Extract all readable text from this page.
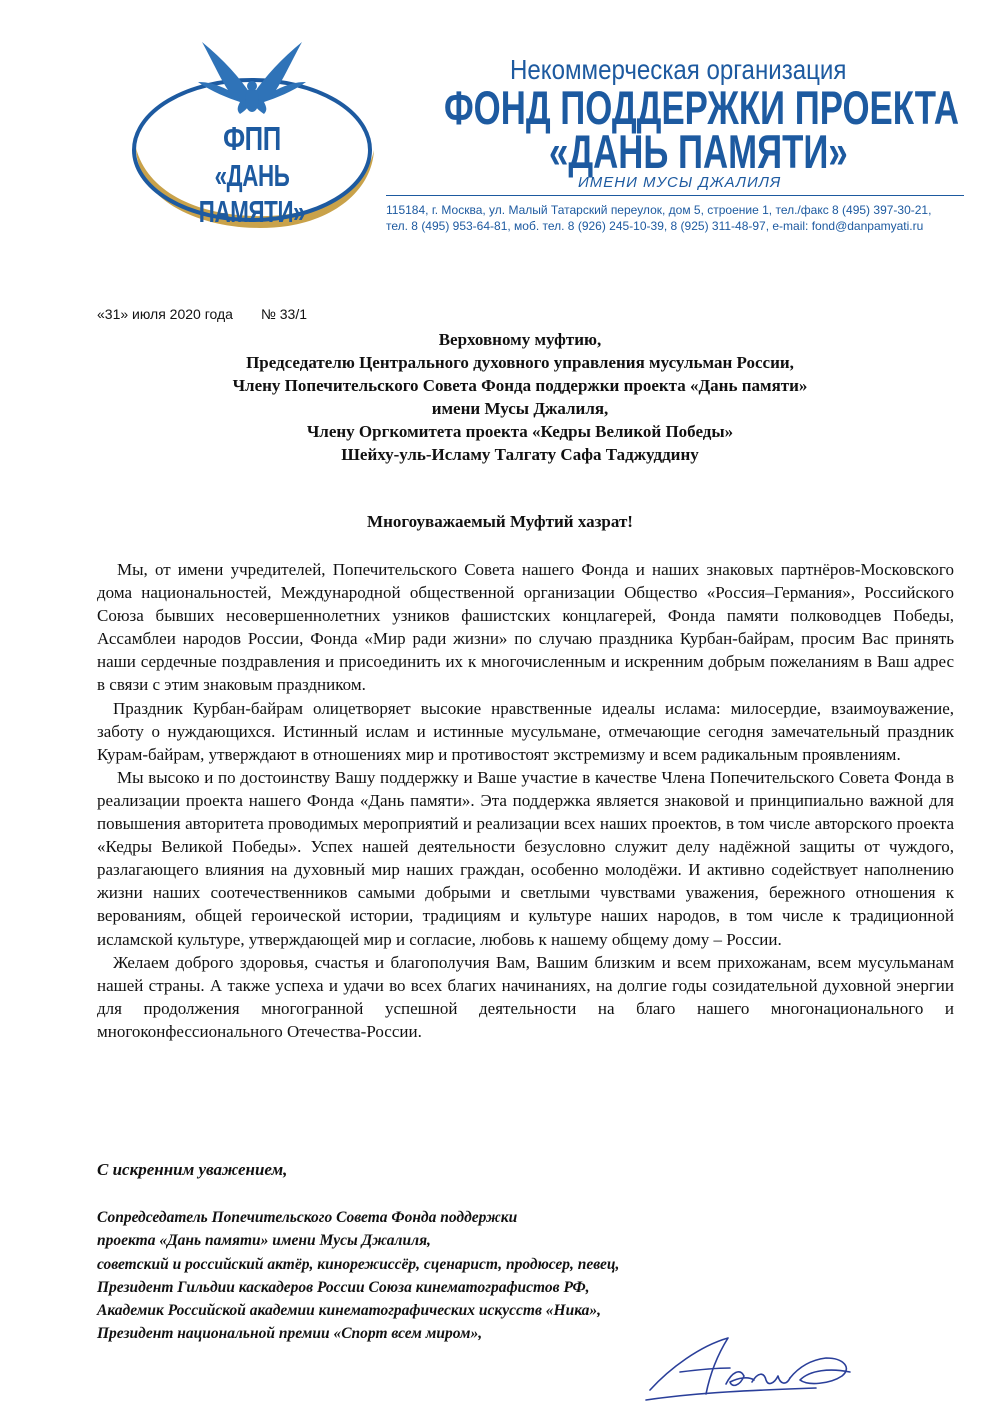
ФПП
«ДАНЬ ПАМЯТИ»
Некоммерческая организация
ФОНД ПОДДЕРЖКИ ПРОЕКТА
«ДАНЬ ПАМЯТИ»
ИМЕНИ МУСЫ ДЖАЛИЛЯ
115184, г. Москва, ул. Малый Татарский переулок, дом 5, строение 1, тел./факс 8 (495) 397-30-21,
тел. 8 (495) 953-64-81, моб. тел. 8 (926) 245-10-39, 8 (925) 311-48-97, e-mail: fond@danpamyati.ru
«31» июля 2020 года № 33/1
Верховному муфтию,
Председателю Центрального духовного управления мусульман России,
Члену Попечительского Совета Фонда поддержки проекта «Дань памяти»
имени Мусы Джалиля,
Члену Оргкомитета проекта «Кедры Великой Победы»
Шейху-уль-Исламу Талгату Сафа Таджуддину
Многоуважаемый Муфтий хазрат!

Мы, от имени учредителей, Попечительского Совета нашего Фонда и наших знаковых партнёров-Московского дома национальностей, Международной общественной организации Общество «Россия–Германия», Российского Союза бывших несовершеннолетних узников фашистских концлагерей, Фонда памяти полководцев Победы, Ассамблеи народов России, Фонда «Мир ради жизни» по случаю праздника Курбан-байрам, просим Вас принять наши сердечные поздравления и присоединить их к многочисленным и искренним добрым пожеланиям в Ваш адрес в связи с этим знаковым праздником.

Праздник Курбан-байрам олицетворяет высокие нравственные идеалы ислама: милосердие, взаимоуважение, заботу о нуждающихся. Истинный ислам и истинные мусульмане, отмечающие сегодня замечательный праздник Курам-байрам, утверждают в отношениях мир и противостоят экстремизму и всем радикальным проявлениям.

Мы высоко и по достоинству Вашу поддержку и Ваше участие в качестве Члена Попечительского Совета Фонда в реализации проекта нашего Фонда «Дань памяти». Эта поддержка является знаковой и принципиально важной для повышения авторитета проводимых мероприятий и реализации всех наших проектов, в том числе авторского проекта «Кедры Великой Победы». Успех нашей деятельности безусловно служит делу надёжной защиты от чуждого, разлагающего влияния на духовный мир наших граждан, особенно молодёжи. И активно содействует наполнению жизни наших соотечественников самыми добрыми и светлыми чувствами уважения, бережного отношения к верованиям, общей героической истории, традициям и культуре наших народов, в том числе к традиционной исламской культуре, утверждающей мир и согласие, любовь к нашему общему дому – России.

Желаем доброго здоровья, счастья и благополучия Вам, Вашим близким и всем прихожанам, всем мусульманам нашей страны. А также успеха и удачи во всех благих начинаниях, на долгие годы созидательной духовной энергии для продолжения многогранной успешной деятельности на благо нашего многонационального и многоконфессионального Отечества-России.

С искренним уважением,
Сопредседатель Попечительского Совета Фонда поддержки
проекта «Дань памяти» имени Мусы Джалиля,
советский и российский актёр, кинорежиссёр, сценарист, продюсер, певец,
Президент Гильдии каскадеров России Союза кинематографистов РФ,
Академик Российской академии кинематографических искусств «Ника»,
Президент национальной премии «Спорт всем миром»,
